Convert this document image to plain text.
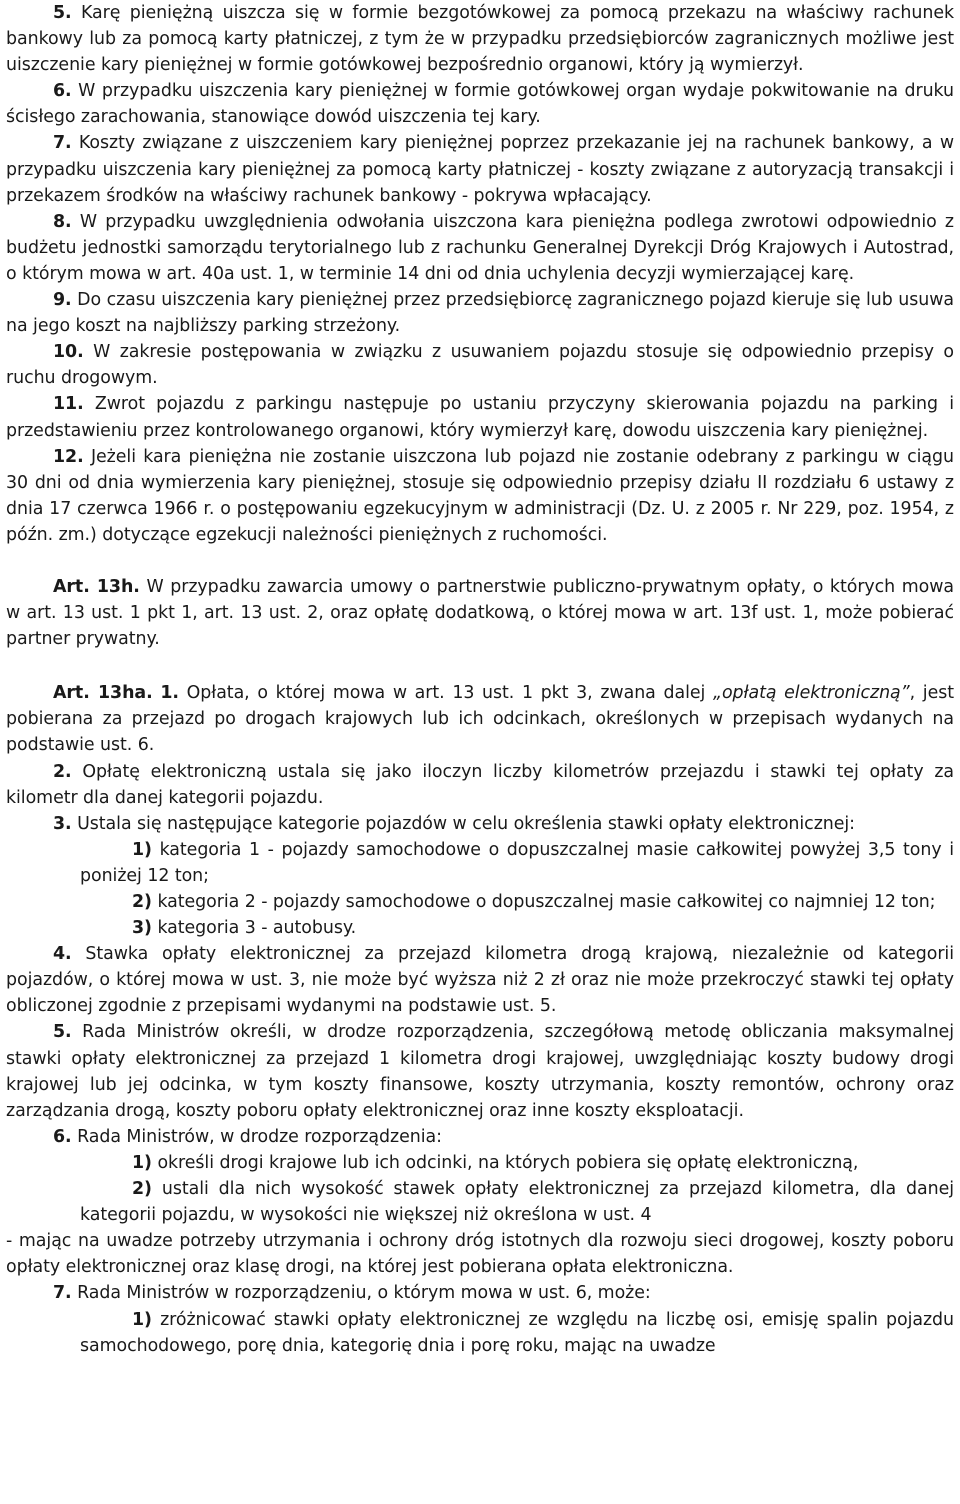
5. Karę pieniężną uiszcza się w formie bezgotówkowej za pomocą przekazu na właściwy rachunek bankowy lub za pomocą karty płatniczej, z tym że w przypadku przedsiębiorców zagranicznych możliwe jest uiszczenie kary pieniężnej w formie gotówkowej bezpośrednio organowi, który ją wymierzył.

6. W przypadku uiszczenia kary pieniężnej w formie gotówkowej organ wydaje pokwitowanie na druku ścisłego zarachowania, stanowiące dowód uiszczenia tej kary.

7. Koszty związane z uiszczeniem kary pieniężnej poprzez przekazanie jej na rachunek bankowy, a w przypadku uiszczenia kary pieniężnej za pomocą karty płatniczej - koszty związane z autoryzacją transakcji i przekazem środków na właściwy rachunek bankowy - pokrywa wpłacający.

8. W przypadku uwzględnienia odwołania uiszczona kara pieniężna podlega zwrotowi odpowiednio z budżetu jednostki samorządu terytorialnego lub z rachunku Generalnej Dyrekcji Dróg Krajowych i Autostrad, o którym mowa w art. 40a ust. 1, w terminie 14 dni od dnia uchylenia decyzji wymierzającej karę.

9. Do czasu uiszczenia kary pieniężnej przez przedsiębiorcę zagranicznego pojazd kieruje się lub usuwa na jego koszt na najbliższy parking strzeżony.

10. W zakresie postępowania w związku z usuwaniem pojazdu stosuje się odpowiednio przepisy o ruchu drogowym.

11. Zwrot pojazdu z parkingu następuje po ustaniu przyczyny skierowania pojazdu na parking i przedstawieniu przez kontrolowanego organowi, który wymierzył karę, dowodu uiszczenia kary pieniężnej.

12. Jeżeli kara pieniężna nie zostanie uiszczona lub pojazd nie zostanie odebrany z parkingu w ciągu 30 dni od dnia wymierzenia kary pieniężnej, stosuje się odpowiednio przepisy działu II rozdziału 6 ustawy z dnia 17 czerwca 1966 r. o postępowaniu egzekucyjnym w administracji (Dz. U. z 2005 r. Nr 229, poz. 1954, z późn. zm.) dotyczące egzekucji należności pieniężnych z ruchomości.

Art. 13h. W przypadku zawarcia umowy o partnerstwie publiczno-prywatnym opłaty, o których mowa w art. 13 ust. 1 pkt 1, art. 13 ust. 2, oraz opłatę dodatkową, o której mowa w art. 13f ust. 1, może pobierać partner prywatny.

Art. 13ha. 1. Opłata, o której mowa w art. 13 ust. 1 pkt 3, zwana dalej „opłatą elektroniczną”, jest pobierana za przejazd po drogach krajowych lub ich odcinkach, określonych w przepisach wydanych na podstawie ust. 6.

2. Opłatę elektroniczną ustala się jako iloczyn liczby kilometrów przejazdu i stawki tej opłaty za kilometr dla danej kategorii pojazdu.

3. Ustala się następujące kategorie pojazdów w celu określenia stawki opłaty elektronicznej:

1) kategoria 1 - pojazdy samochodowe o dopuszczalnej masie całkowitej powyżej 3,5 tony i poniżej 12 ton;

2) kategoria 2 - pojazdy samochodowe o dopuszczalnej masie całkowitej co najmniej 12 ton;

3) kategoria 3 - autobusy.

4. Stawka opłaty elektronicznej za przejazd kilometra drogą krajową, niezależnie od kategorii pojazdów, o której mowa w ust. 3, nie może być wyższa niż 2 zł oraz nie może przekroczyć stawki tej opłaty obliczonej zgodnie z przepisami wydanymi na podstawie ust. 5.

5. Rada Ministrów określi, w drodze rozporządzenia, szczegółową metodę obliczania maksymalnej stawki opłaty elektronicznej za przejazd 1 kilometra drogi krajowej, uwzględniając koszty budowy drogi krajowej lub jej odcinka, w tym koszty finansowe, koszty utrzymania, koszty remontów, ochrony oraz zarządzania drogą, koszty poboru opłaty elektronicznej oraz inne koszty eksploatacji.

6. Rada Ministrów, w drodze rozporządzenia:

1) określi drogi krajowe lub ich odcinki, na których pobiera się opłatę elektroniczną,

2) ustali dla nich wysokość stawek opłaty elektronicznej za przejazd kilometra, dla danej kategorii pojazdu, w wysokości nie większej niż określona w ust. 4

- mając na uwadze potrzeby utrzymania i ochrony dróg istotnych dla rozwoju sieci drogowej, koszty poboru opłaty elektronicznej oraz klasę drogi, na której jest pobierana opłata elektroniczna.

7. Rada Ministrów w rozporządzeniu, o którym mowa w ust. 6, może:

1) zróżnicować stawki opłaty elektronicznej ze względu na liczbę osi, emisję spalin pojazdu samochodowego, porę dnia, kategorię dnia i porę roku, mając na uwadze
